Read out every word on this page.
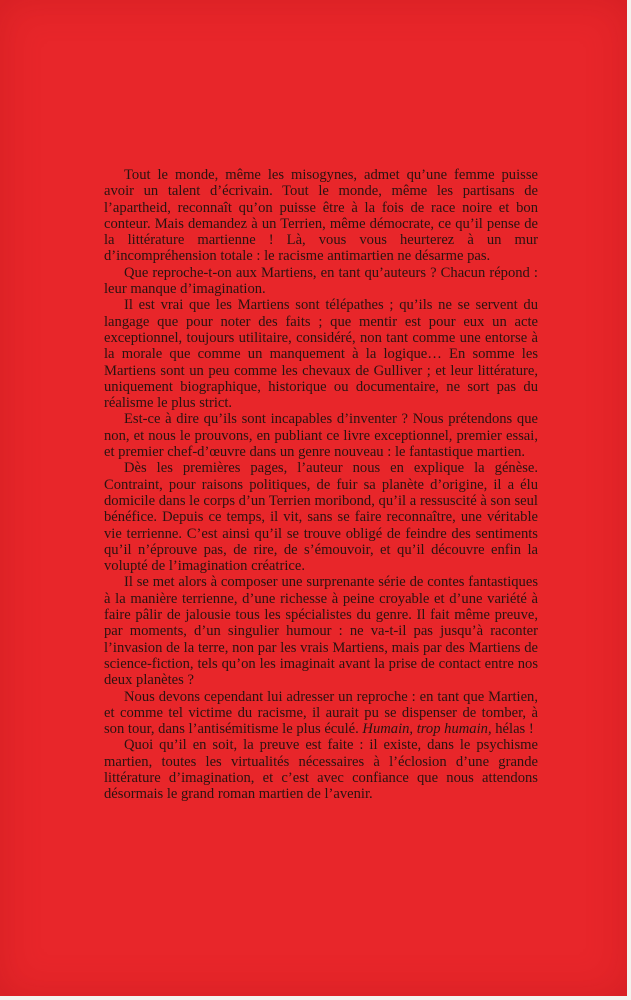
Tout le monde, même les misogynes, admet qu’une femme puisse avoir un talent d’écrivain. Tout le monde, même les partisans de l’apartheid, reconnaît qu’on puisse être à la fois de race noire et bon conteur. Mais demandez à un Terrien, même démocrate, ce qu’il pense de la littérature martienne ! Là, vous vous heurterez à un mur d’incompréhension totale : le racisme antimartien ne désarme pas.

Que reproche-t-on aux Martiens, en tant qu’auteurs ? Chacun répond : leur manque d’imagination.

Il est vrai que les Martiens sont télépathes ; qu’ils ne se servent du langage que pour noter des faits ; que mentir est pour eux un acte exceptionnel, toujours utilitaire, considéré, non tant comme une entorse à la morale que comme un manquement à la logique… En somme les Martiens sont un peu comme les chevaux de Gulliver ; et leur littérature, uniquement biographique, historique ou documentaire, ne sort pas du réalisme le plus strict.

Est-ce à dire qu’ils sont incapables d’inventer ? Nous prétendons que non, et nous le prouvons, en publiant ce livre exceptionnel, premier essai, et premier chef-d’œuvre dans un genre nouveau : le fantastique martien.

Dès les premières pages, l’auteur nous en explique la génèse. Contraint, pour raisons politiques, de fuir sa planète d’origine, il a élu domicile dans le corps d’un Terrien moribond, qu’il a ressuscité à son seul bénéfice. Depuis ce temps, il vit, sans se faire reconnaître, une véritable vie terrienne. C’est ainsi qu’il se trouve obligé de feindre des sentiments qu’il n’éprouve pas, de rire, de s’émouvoir, et qu’il découvre enfin la volupté de l’imagination créatrice.

Il se met alors à composer une surprenante série de contes fantastiques à la manière terrienne, d’une richesse à peine croyable et d’une variété à faire pâlir de jalousie tous les spécialistes du genre. Il fait même preuve, par moments, d’un singulier humour : ne va-t-il pas jusqu’à raconter l’invasion de la terre, non par les vrais Martiens, mais par des Martiens de science-fiction, tels qu’on les imaginait avant la prise de contact entre nos deux planètes ?

Nous devons cependant lui adresser un reproche : en tant que Martien, et comme tel victime du racisme, il aurait pu se dispenser de tomber, à son tour, dans l’antisémitisme le plus éculé. Humain, trop humain, hélas !

Quoi qu’il en soit, la preuve est faite : il existe, dans le psychisme martien, toutes les virtualités nécessaires à l’éclosion d’une grande littérature d’imagination, et c’est avec confiance que nous attendons désormais le grand roman martien de l’avenir.
